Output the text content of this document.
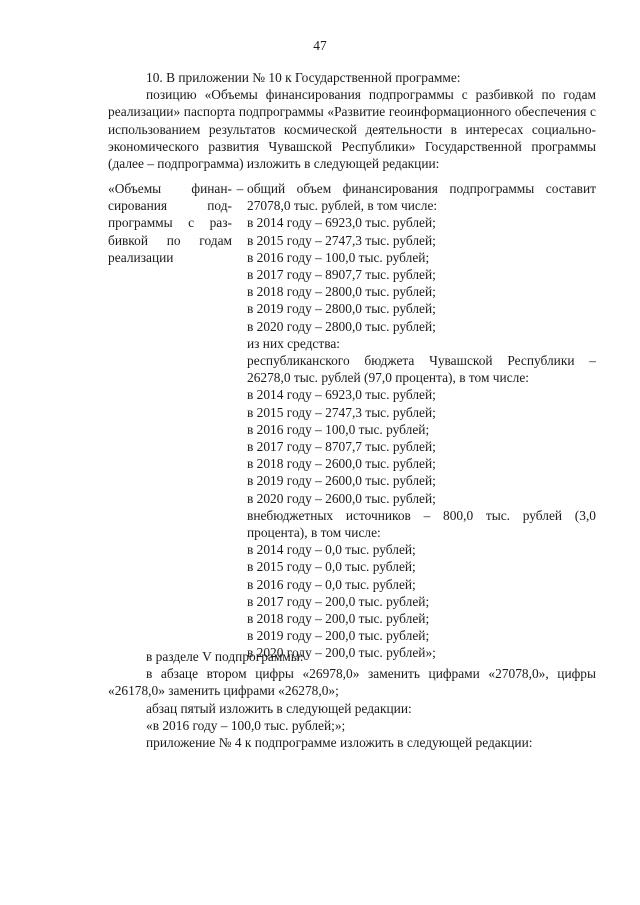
47

10. В приложении № 10 к Государственной программе:

позицию «Объемы финансирования подпрограммы с разбивкой по годам реализации» паспорта подпрограммы «Развитие геоинформационного обеспечения с использованием результатов космической деятельности в интересах социально-экономического развития Чувашской Республики» Государственной программы (далее – подпрограмма) изложить в следующей редакции:

«Объемы финан-

сирования под-

программы с раз-

бивкой по годам

реализации

– общий объем финансирования подпрограммы составит 27078,0 тыс. рублей, в том числе:

в 2014 году – 6923,0 тыс. рублей;

в 2015 году – 2747,3 тыс. рублей;

в 2016 году – 100,0 тыс. рублей;

в 2017 году – 8907,7 тыс. рублей;

в 2018 году – 2800,0 тыс. рублей;

в 2019 году – 2800,0 тыс. рублей;

в 2020 году – 2800,0 тыс. рублей;

из них средства:

республиканского бюджета Чувашской Республики – 26278,0 тыс. рублей (97,0 процента), в том числе:

в 2014 году – 6923,0 тыс. рублей;

в 2015 году – 2747,3 тыс. рублей;

в 2016 году – 100,0 тыс. рублей;

в 2017 году – 8707,7 тыс. рублей;

в 2018 году – 2600,0 тыс. рублей;

в 2019 году – 2600,0 тыс. рублей;

в 2020 году – 2600,0 тыс. рублей;

внебюджетных источников – 800,0 тыс. рублей (3,0 процента), в том числе:

в 2014 году – 0,0 тыс. рублей;

в 2015 году – 0,0 тыс. рублей;

в 2016 году – 0,0 тыс. рублей;

в 2017 году – 200,0 тыс. рублей;

в 2018 году – 200,0 тыс. рублей;

в 2019 году – 200,0 тыс. рублей;

в 2020 году – 200,0 тыс. рублей»;

в разделе V подпрограммы:

в абзаце втором цифры «26978,0» заменить цифрами «27078,0», цифры «26178,0» заменить цифрами «26278,0»;

абзац пятый изложить в следующей редакции:

«в 2016 году – 100,0 тыс. рублей;»;

приложение № 4 к подпрограмме изложить в следующей редакции:
